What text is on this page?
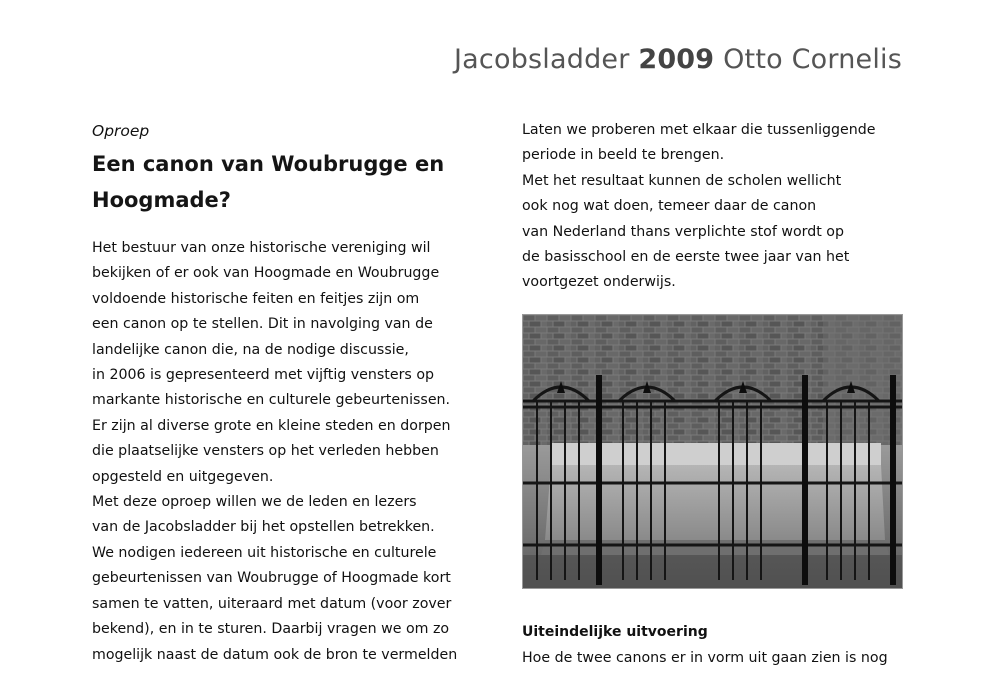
Jacobsladder 2009 Otto Cornelis

Oproep

Een canon van Woubrugge en
Hoogmade?

Het bestuur van onze historische vereniging wil
bekijken of er ook van Hoogmade en Woubrugge
voldoende historische feiten en feitjes zijn om
een canon op te stellen. Dit in navolging van de
landelijke canon die, na de nodige discussie,
in 2006 is gepresenteerd met vijftig vensters op
markante historische en culturele gebeurtenissen.
Er zijn al diverse grote en kleine steden en dorpen
die plaatselijke vensters op het verleden hebben
opgesteld en uitgegeven.
Met deze oproep willen we de leden en lezers
van de Jacobsladder bij het opstellen betrekken.
We nodigen iedereen uit historische en culturele
gebeurtenissen van Woubrugge of Hoogmade kort
samen te vatten, uiteraard met datum (voor zover
bekend), en in te sturen. Daarbij vragen we om zo
mogelijk naast de datum ook de bron te vermelden

Laten we proberen met elkaar die tussenliggende
periode in beeld te brengen.
Met het resultaat kunnen de scholen wellicht
ook nog wat doen, temeer daar de canon
van Nederland thans verplichte stof wordt op
de basisschool en de eerste twee jaar van het
voortgezet onderwijs.

Uiteindelijke uitvoering

Hoe de twee canons er in vorm uit gaan zien is nog
